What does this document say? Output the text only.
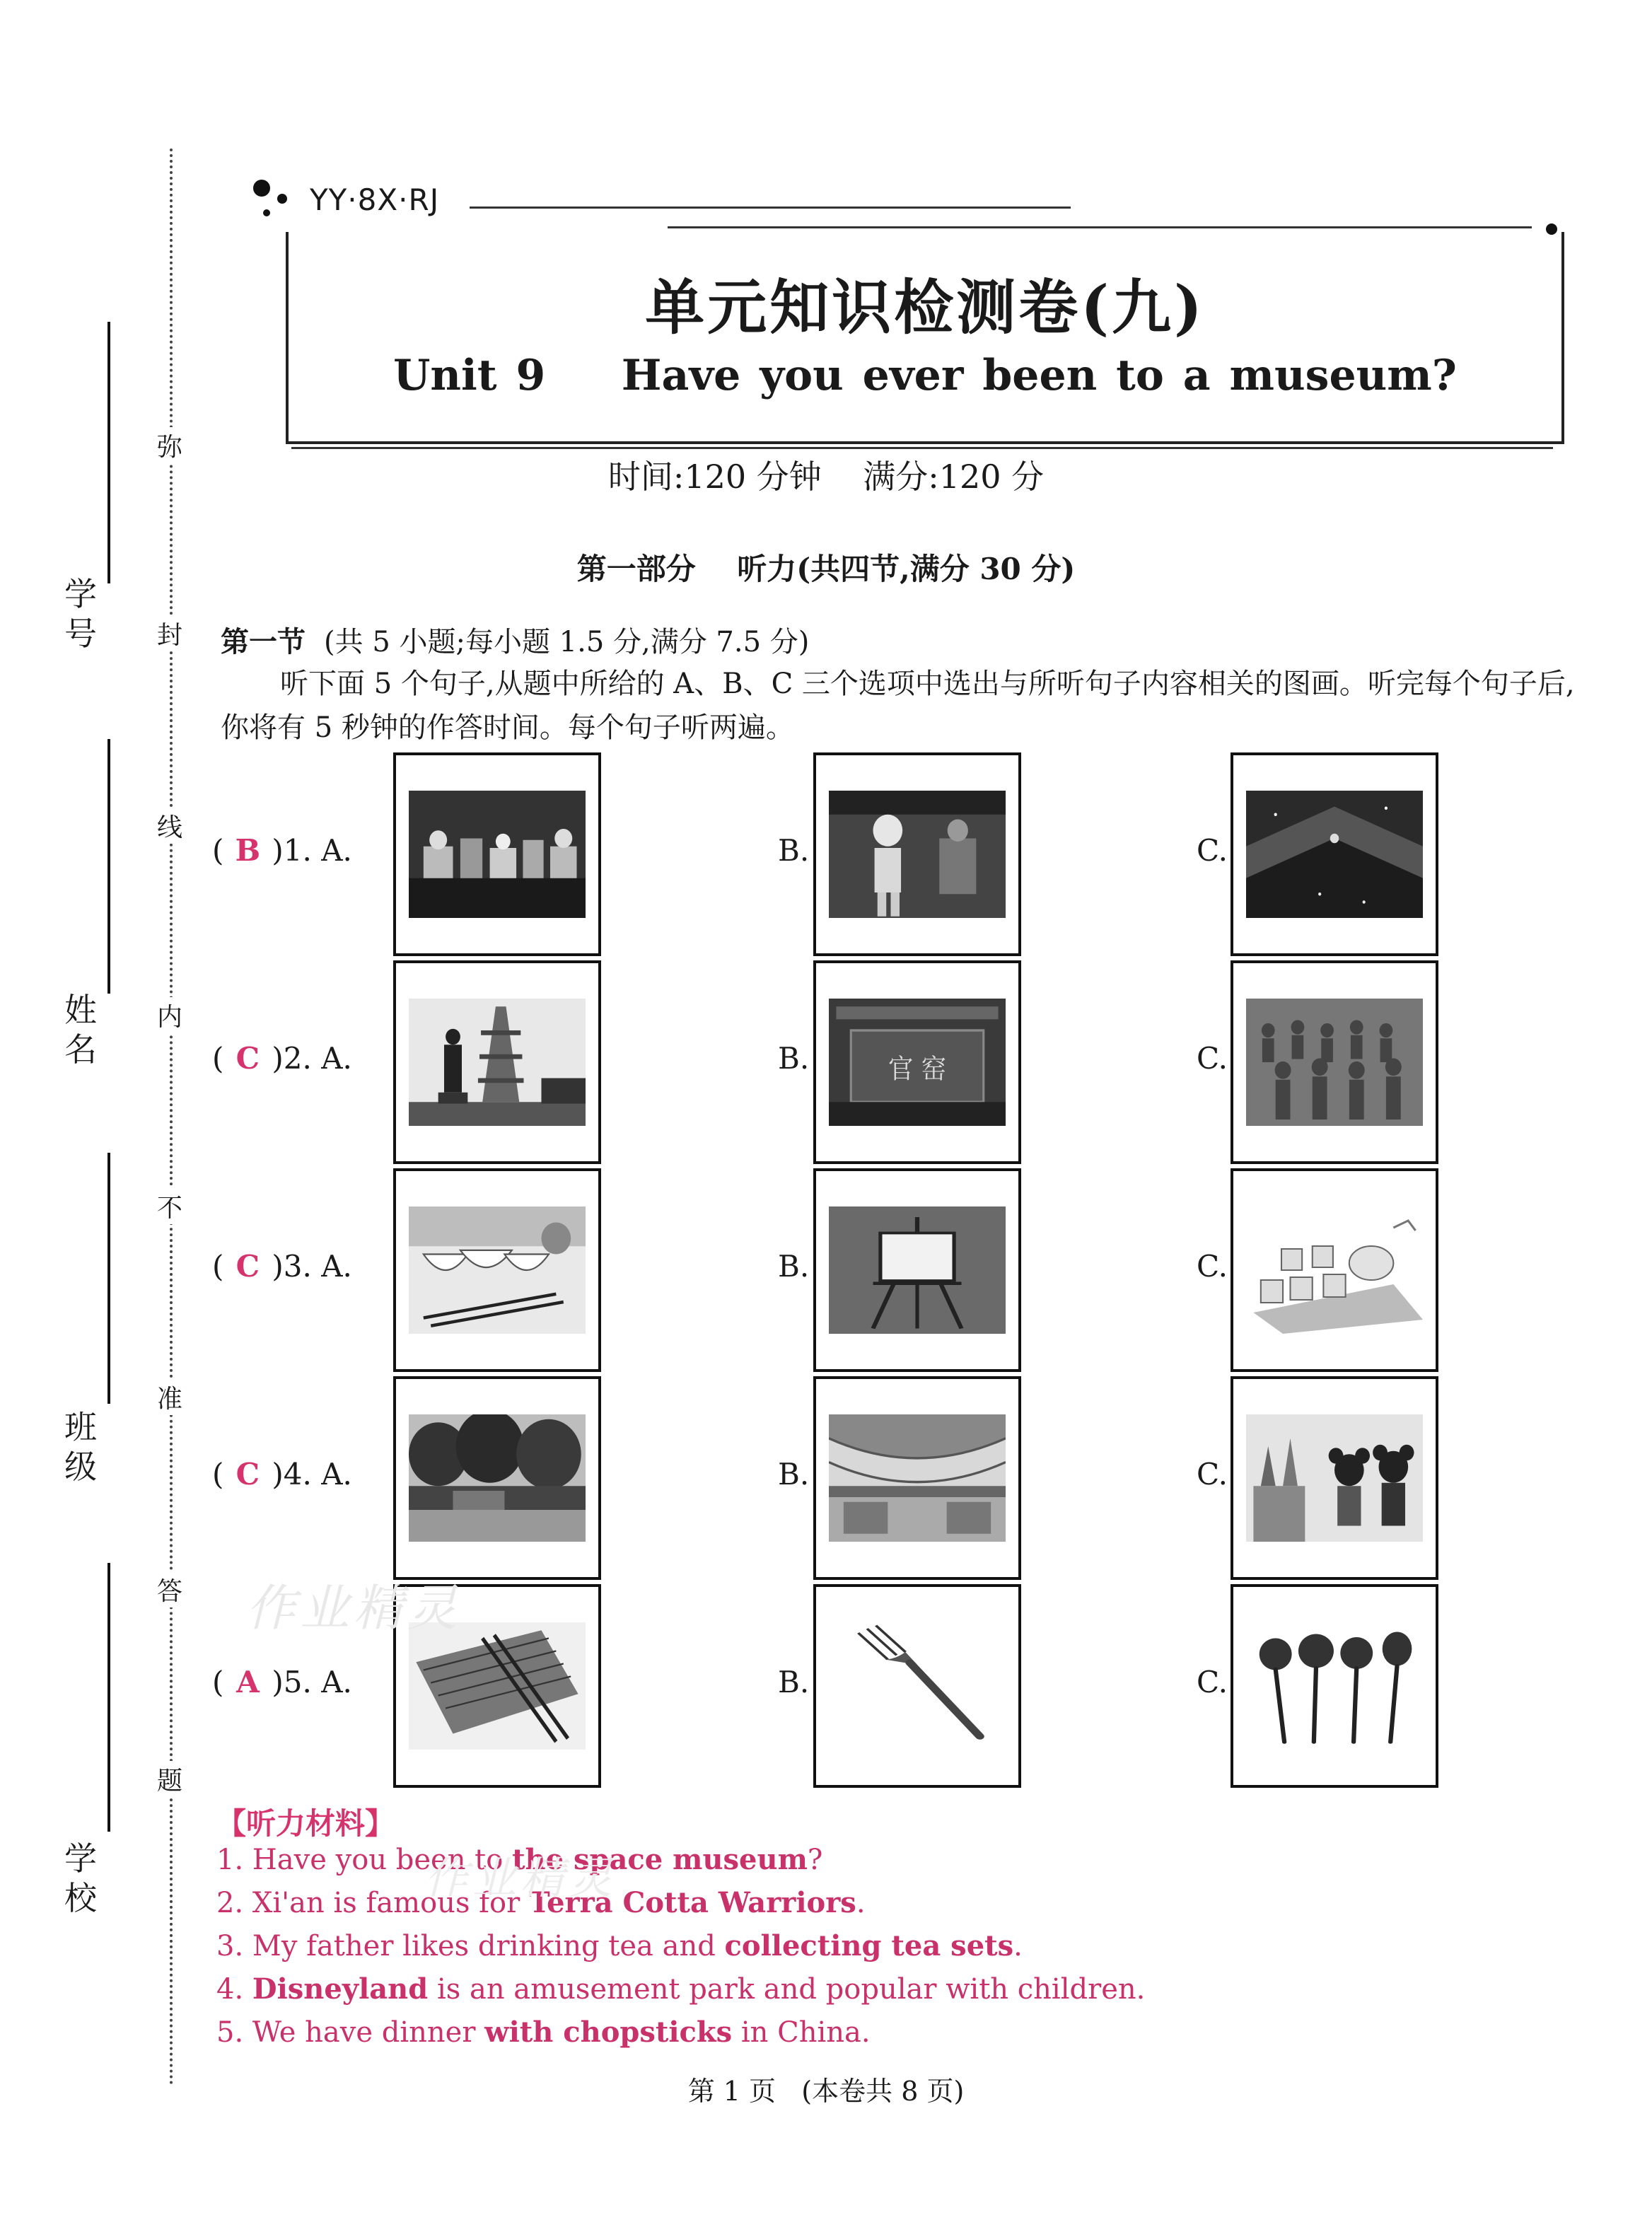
弥
封
线
内
不
准
答
题
学
号
姓
名
班
级
学
校
YY·8X·RJ
单元知识检测卷(九)
Unit 9    Have you ever been to a museum?
时间:120 分钟    满分:120 分
第一部分    听力(共四节,满分 30 分)
第一节 (共 5 小题;每小题 1.5 分,满分 7.5 分)
听下面 5 个句子,从题中所给的 A、B、C 三个选项中选出与所听句子内容相关的图画。听完每个句子后,你将有 5 秒钟的作答时间。每个句子听两遍。
( B )1. A.	B.	C.
( C )2. A.	B.	C.
官 窑
( C )3. A.	B.	C.
( C )4. A.	B.	C.
( A )5. A.	B.	C.
【听力材料】
1. Have you been to the space museum?
2. Xi'an is famous for Terra Cotta Warriors.
3. My father likes drinking tea and collecting tea sets.
4. Disneyland is an amusement park and popular with children.
5. We have dinner with chopsticks in China.
第 1 页   (本卷共 8 页)
作业精灵
作业精灵
